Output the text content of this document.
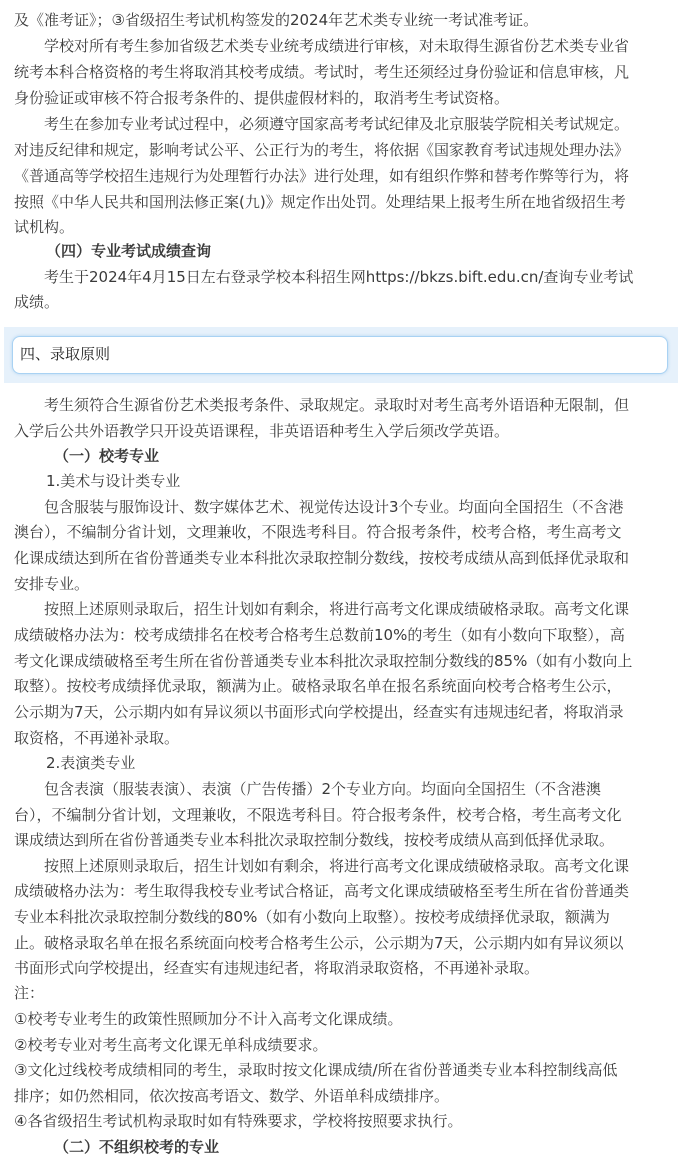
及《准考证》；③省级招生考试机构签发的2024年艺术类专业统一考试准考证。

学校对所有考生参加省级艺术类专业统考成绩进行审核，对未取得生源省份艺术类专业省

统考本科合格资格的考生将取消其校考成绩。考试时，考生还须经过身份验证和信息审核，凡

身份验证或审核不符合报考条件的、提供虚假材料的，取消考生考试资格。

考生在参加专业考试过程中，必须遵守国家高考考试纪律及北京服装学院相关考试规定。

对违反纪律和规定，影响考试公平、公正行为的考生，将依据《国家教育考试违规处理办法》

《普通高等学校招生违规行为处理暂行办法》进行处理，如有组织作弊和替考作弊等行为，将

按照《中华人民共和国刑法修正案(九)》规定作出处罚。处理结果上报考生所在地省级招生考

试机构。

（四）专业考试成绩查询

考生于2024年4月15日左右登录学校本科招生网https://bkzs.bift.edu.cn/查询专业考试

成绩。

四、录取原则

考生须符合生源省份艺术类报考条件、录取规定。录取时对考生高考外语语种无限制，但

入学后公共外语教学只开设英语课程，非英语语种考生入学后须改学英语。

（一）校考专业

1.美术与设计类专业

包含服装与服饰设计、数字媒体艺术、视觉传达设计3个专业。均面向全国招生（不含港

澳台），不编制分省计划，文理兼收，不限选考科目。符合报考条件，校考合格，考生高考文

化课成绩达到所在省份普通类专业本科批次录取控制分数线，按校考成绩从高到低择优录取和

安排专业。

按照上述原则录取后，招生计划如有剩余，将进行高考文化课成绩破格录取。高考文化课

成绩破格办法为：校考成绩排名在校考合格考生总数前10%的考生（如有小数向下取整），高

考文化课成绩破格至考生所在省份普通类专业本科批次录取控制分数线的85%（如有小数向上

取整）。按校考成绩择优录取，额满为止。破格录取名单在报名系统面向校考合格考生公示，

公示期为7天，公示期内如有异议须以书面形式向学校提出，经查实有违规违纪者，将取消录

取资格，不再递补录取。

2.表演类专业

包含表演（服装表演）、表演（广告传播）2个专业方向。均面向全国招生（不含港澳

台），不编制分省计划，文理兼收，不限选考科目。符合报考条件，校考合格，考生高考文化

课成绩达到所在省份普通类专业本科批次录取控制分数线，按校考成绩从高到低择优录取。

按照上述原则录取后，招生计划如有剩余，将进行高考文化课成绩破格录取。高考文化课

成绩破格办法为：考生取得我校专业考试合格证，高考文化课成绩破格至考生所在省份普通类

专业本科批次录取控制分数线的80%（如有小数向上取整）。按校考成绩择优录取，额满为

止。破格录取名单在报名系统面向校考合格考生公示，公示期为7天，公示期内如有异议须以

书面形式向学校提出，经查实有违规违纪者，将取消录取资格，不再递补录取。

注：

①校考专业考生的政策性照顾加分不计入高考文化课成绩。

②校考专业对考生高考文化课无单科成绩要求。

③文化过线校考成绩相同的考生，录取时按文化课成绩/所在省份普通类专业本科控制线高低

排序；如仍然相同，依次按高考语文、数学、外语单科成绩排序。

④各省级招生考试机构录取时如有特殊要求，学校将按照要求执行。

（二）不组织校考的专业
